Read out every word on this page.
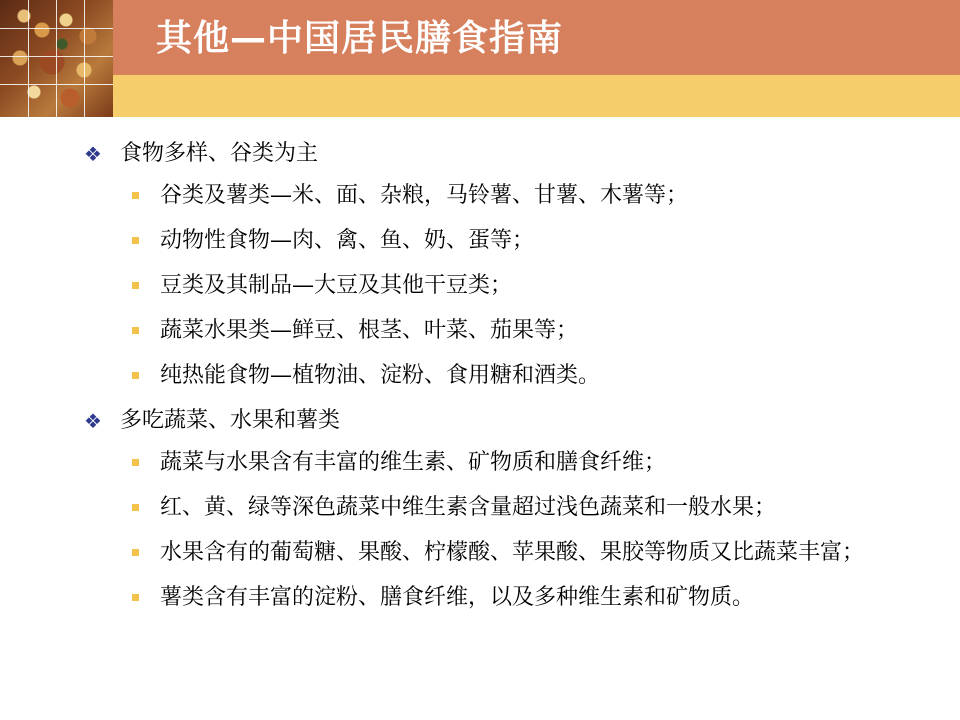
其他—中国居民膳食指南
❖ 食物多样、谷类为主
谷类及薯类—米、面、杂粮，马铃薯、甘薯、木薯等；
动物性食物—肉、禽、鱼、奶、蛋等；
豆类及其制品—大豆及其他干豆类；
蔬菜水果类—鲜豆、根茎、叶菜、茄果等；
纯热能食物—植物油、淀粉、食用糖和酒类。
❖ 多吃蔬菜、水果和薯类
蔬菜与水果含有丰富的维生素、矿物质和膳食纤维；
红、黄、绿等深色蔬菜中维生素含量超过浅色蔬菜和一般水果；
水果含有的葡萄糖、果酸、柠檬酸、苹果酸、果胶等物质又比蔬菜丰富；
薯类含有丰富的淀粉、膳食纤维，以及多种维生素和矿物质。
